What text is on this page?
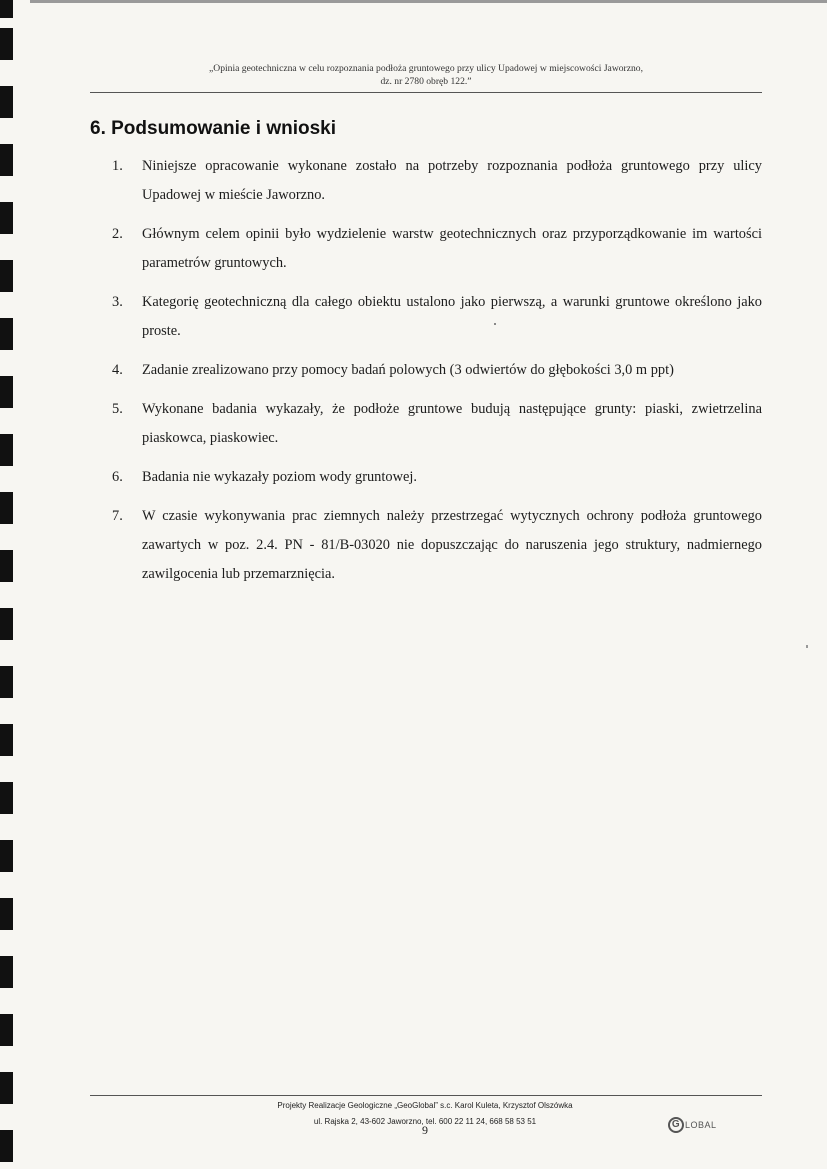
„Opinia geotechniczna w celu rozpoznania podłoża gruntowego przy ulicy Upadowej w miejscowości Jaworzno,
dz. nr 2780 obręb 122.”
6. Podsumowanie i wnioski
1. Niniejsze opracowanie wykonane zostało na potrzeby rozpoznania podłoża gruntowego przy ulicy Upadowej w mieście Jaworzno.
2. Głównym celem opinii było wydzielenie warstw geotechnicznych oraz przyporządkowanie im wartości parametrów gruntowych.
3. Kategorię geotechniczną dla całego obiektu ustalono jako pierwszą, a warunki gruntowe określono jako proste.
4. Zadanie zrealizowano przy pomocy badań polowych (3 odwiertów do głębokości 3,0 m ppt)
5. Wykonane badania wykazały, że podłoże gruntowe budują następujące grunty: piaski, zwietrzelina piaskowca, piaskowiec.
6. Badania nie wykazały poziom wody gruntowej.
7. W czasie wykonywania prac ziemnych należy przestrzegać wytycznych ochrony podłoża gruntowego zawartych w poz. 2.4. PN - 81/B-03020 nie dopuszczając do naruszenia jego struktury, nadmiernego zawilgocenia lub przemarznięcia.
Projekty Realizacje Geologiczne „GeoGlobal” s.c. Karol Kuleta, Krzysztof Olszówka
ul. Rajska 2, 43-602 Jaworzno, tel. 600 22 11 24, 668 58 53 51
9	G LOBAL
